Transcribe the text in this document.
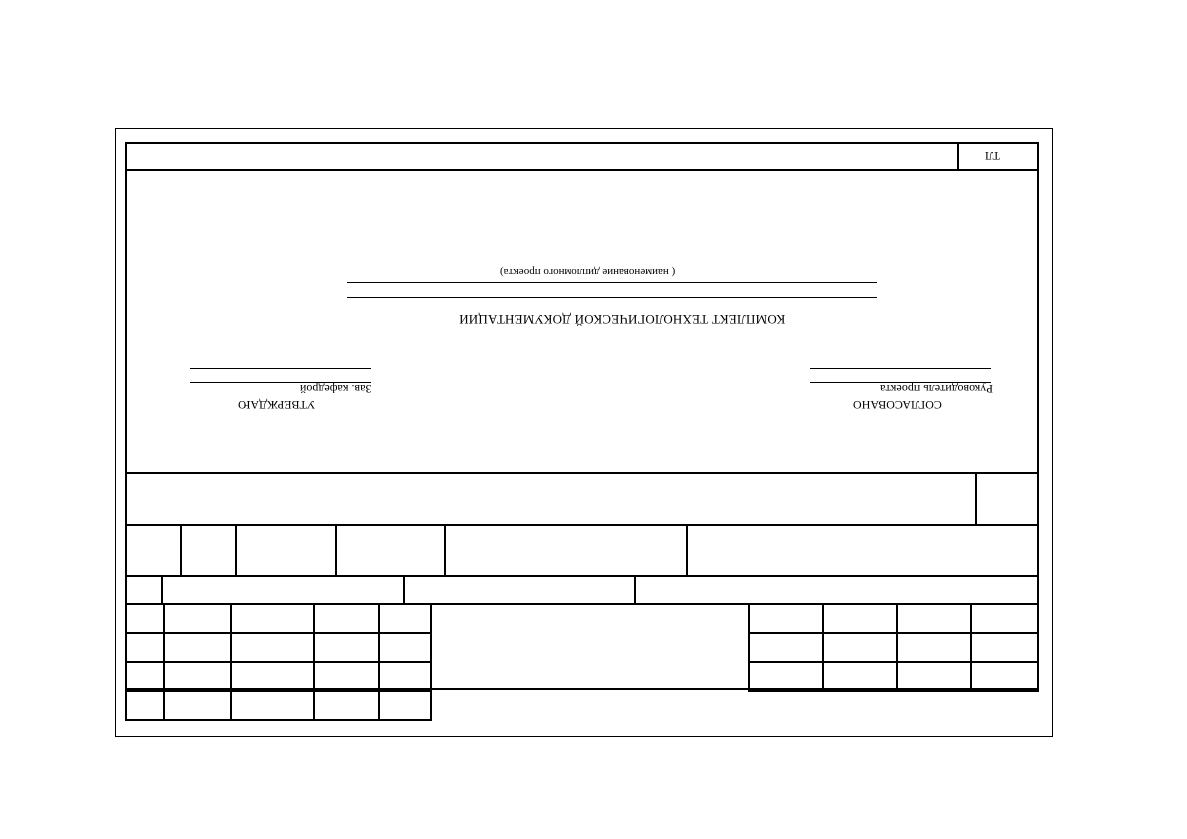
ТЛ
( наименование дипломного проекта)
КОМПЛЕКТ ТЕХНОЛОГИЧЕСКОЙ ДОКУМЕНТАЦИИ
Зав. кафедрой
УТВЕРЖДАЮ
Руководитель проекта
СОГЛАСОВАНО
